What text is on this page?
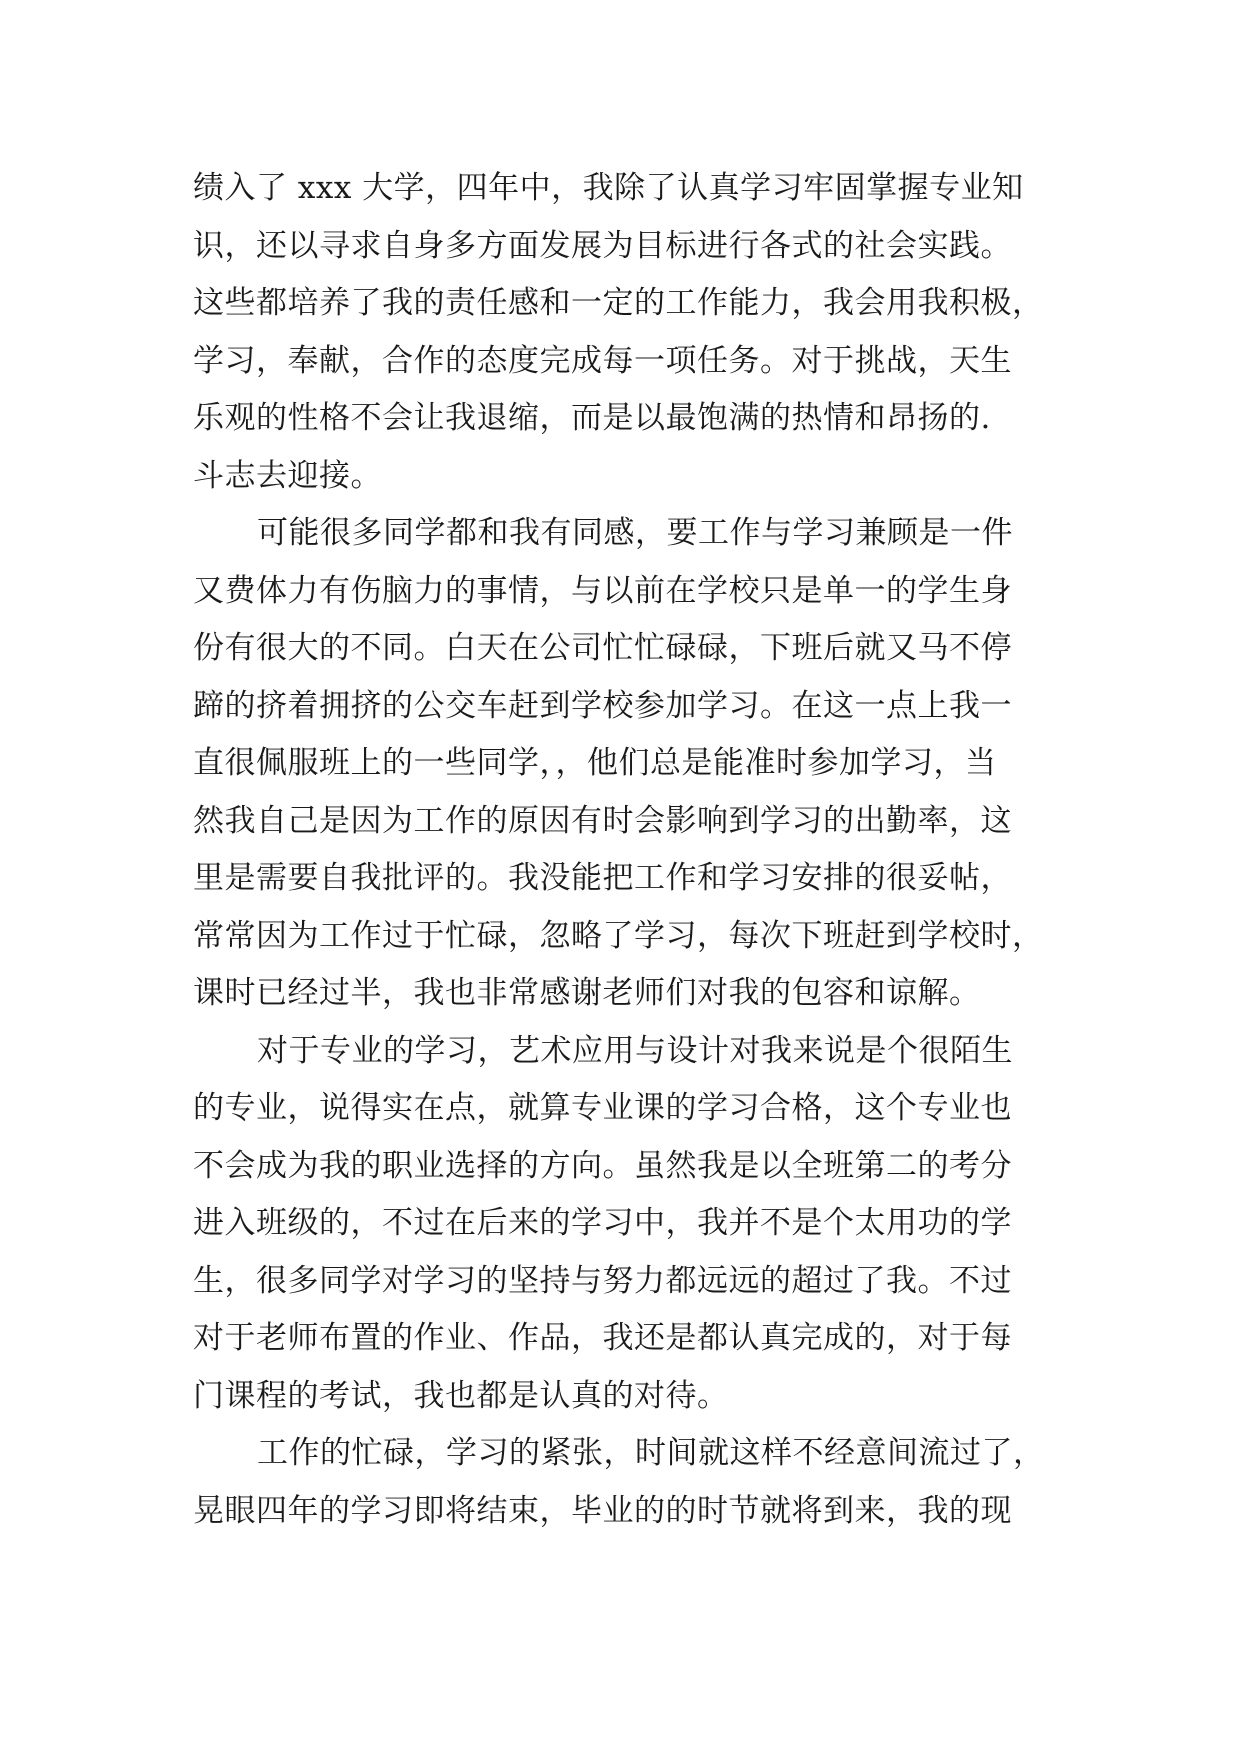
绩入了 xxx 大学，四年中，我除了认真学习牢固掌握专业知
识，还以寻求自身多方面发展为目标进行各式的社会实践。
这些都培养了我的责任感和一定的工作能力，我会用我积极，
学习，奉献，合作的态度完成每一项任务。对于挑战，天生
乐观的性格不会让我退缩，而是以最饱满的热情和昂扬的.
斗志去迎接。
可能很多同学都和我有同感，要工作与学习兼顾是一件
又费体力有伤脑力的事情，与以前在学校只是单一的学生身
份有很大的不同。白天在公司忙忙碌碌，下班后就又马不停
蹄的挤着拥挤的公交车赶到学校参加学习。在这一点上我一
直很佩服班上的一些同学，，他们总是能准时参加学习，当
然我自己是因为工作的原因有时会影响到学习的出勤率，这
里是需要自我批评的。我没能把工作和学习安排的很妥帖，
常常因为工作过于忙碌，忽略了学习，每次下班赶到学校时，
课时已经过半，我也非常感谢老师们对我的包容和谅解。
对于专业的学习，艺术应用与设计对我来说是个很陌生
的专业，说得实在点，就算专业课的学习合格，这个专业也
不会成为我的职业选择的方向。虽然我是以全班第二的考分
进入班级的，不过在后来的学习中，我并不是个太用功的学
生，很多同学对学习的坚持与努力都远远的超过了我。不过
对于老师布置的作业、作品，我还是都认真完成的，对于每
门课程的考试，我也都是认真的对待。
工作的忙碌，学习的紧张，时间就这样不经意间流过了，
晃眼四年的学习即将结束，毕业的的时节就将到来，我的现
